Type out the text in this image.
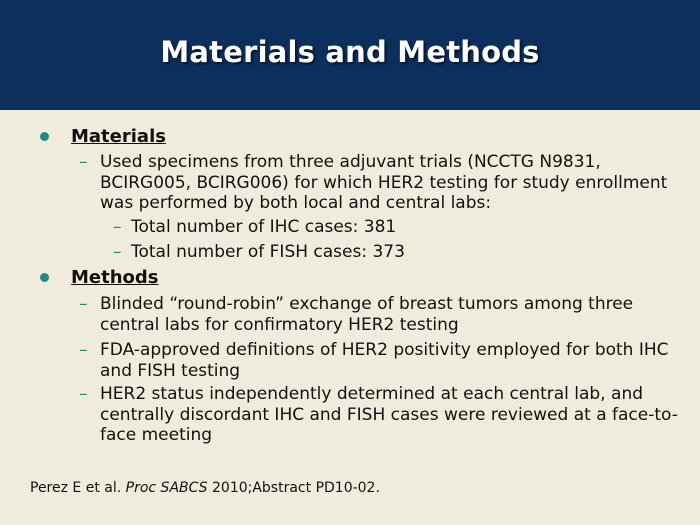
Materials and Methods
Materials
– Used specimens from three adjuvant trials (NCCTG N9831, BCIRG005, BCIRG006) for which HER2 testing for study enrollment was performed by both local and central labs:
– Total number of IHC cases: 381
– Total number of FISH cases: 373
Methods
– Blinded “round-robin” exchange of breast tumors among three central labs for confirmatory HER2 testing
– FDA-approved definitions of HER2 positivity employed for both IHC and FISH testing
– HER2 status independently determined at each central lab, and centrally discordant IHC and FISH cases were reviewed at a face-to-face meeting
Perez E et al. Proc SABCS 2010;Abstract PD10-02.
